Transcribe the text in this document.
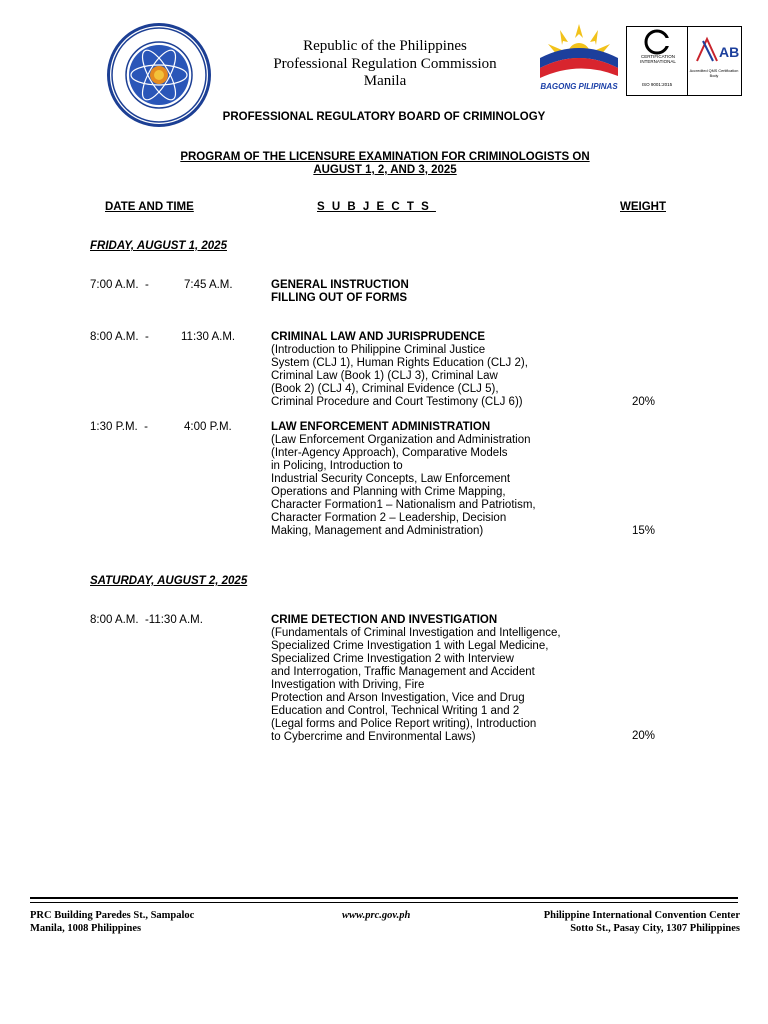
Republic of the Philippines
Professional Regulation Commission
Manila	BAGONG PILIPINAS
CERTIFICATION INTERNATIONAL
ISO 9001:2015
AB
Accredited QMS Certification Body
PROFESSIONAL REGULATORY BOARD OF CRIMINOLOGY
PROGRAM OF THE LICENSURE EXAMINATION FOR CRIMINOLOGISTS ON
AUGUST 1, 2, AND 3, 2025
DATE AND TIME	SUBJECTS	WEIGHT
FRIDAY, AUGUST 1, 2025
7:00 A.M.  -	7:45 A.M.	GENERAL INSTRUCTION
FILLING OUT OF FORMS
8:00 A.M.  -	11:30 A.M.	CRIMINAL LAW AND JURISPRUDENCE
(Introduction to Philippine Criminal Justice
System (CLJ 1), Human Rights Education (CLJ 2),
Criminal Law (Book 1) (CLJ 3), Criminal Law
(Book 2) (CLJ 4), Criminal Evidence (CLJ 5),
Criminal Procedure and Court Testimony (CLJ 6))	20%
1:30 P.M.  -	4:00 P.M.	LAW ENFORCEMENT ADMINISTRATION
(Law Enforcement Organization and Administration
(Inter-Agency Approach), Comparative Models
in Policing, Introduction to
Industrial Security Concepts, Law Enforcement
Operations and Planning with Crime Mapping,
Character Formation1 – Nationalism and Patriotism,
Character Formation 2 – Leadership, Decision
Making, Management and Administration)	15%
SATURDAY, AUGUST 2, 2025
8:00 A.M.  -11:30 A.M.	CRIME DETECTION AND INVESTIGATION
(Fundamentals of Criminal Investigation and Intelligence,
Specialized Crime Investigation 1 with Legal Medicine,
Specialized Crime Investigation 2 with Interview
and Interrogation, Traffic Management and Accident
Investigation with Driving, Fire
Protection and Arson Investigation, Vice and Drug
Education and Control, Technical Writing 1 and 2
(Legal forms and Police Report writing), Introduction
to Cybercrime and Environmental Laws)	20%
PRC Building Paredes St., Sampaloc
Manila, 1008 Philippines
www.prc.gov.ph	Philippine International Convention Center
Sotto St., Pasay City, 1307 Philippines
